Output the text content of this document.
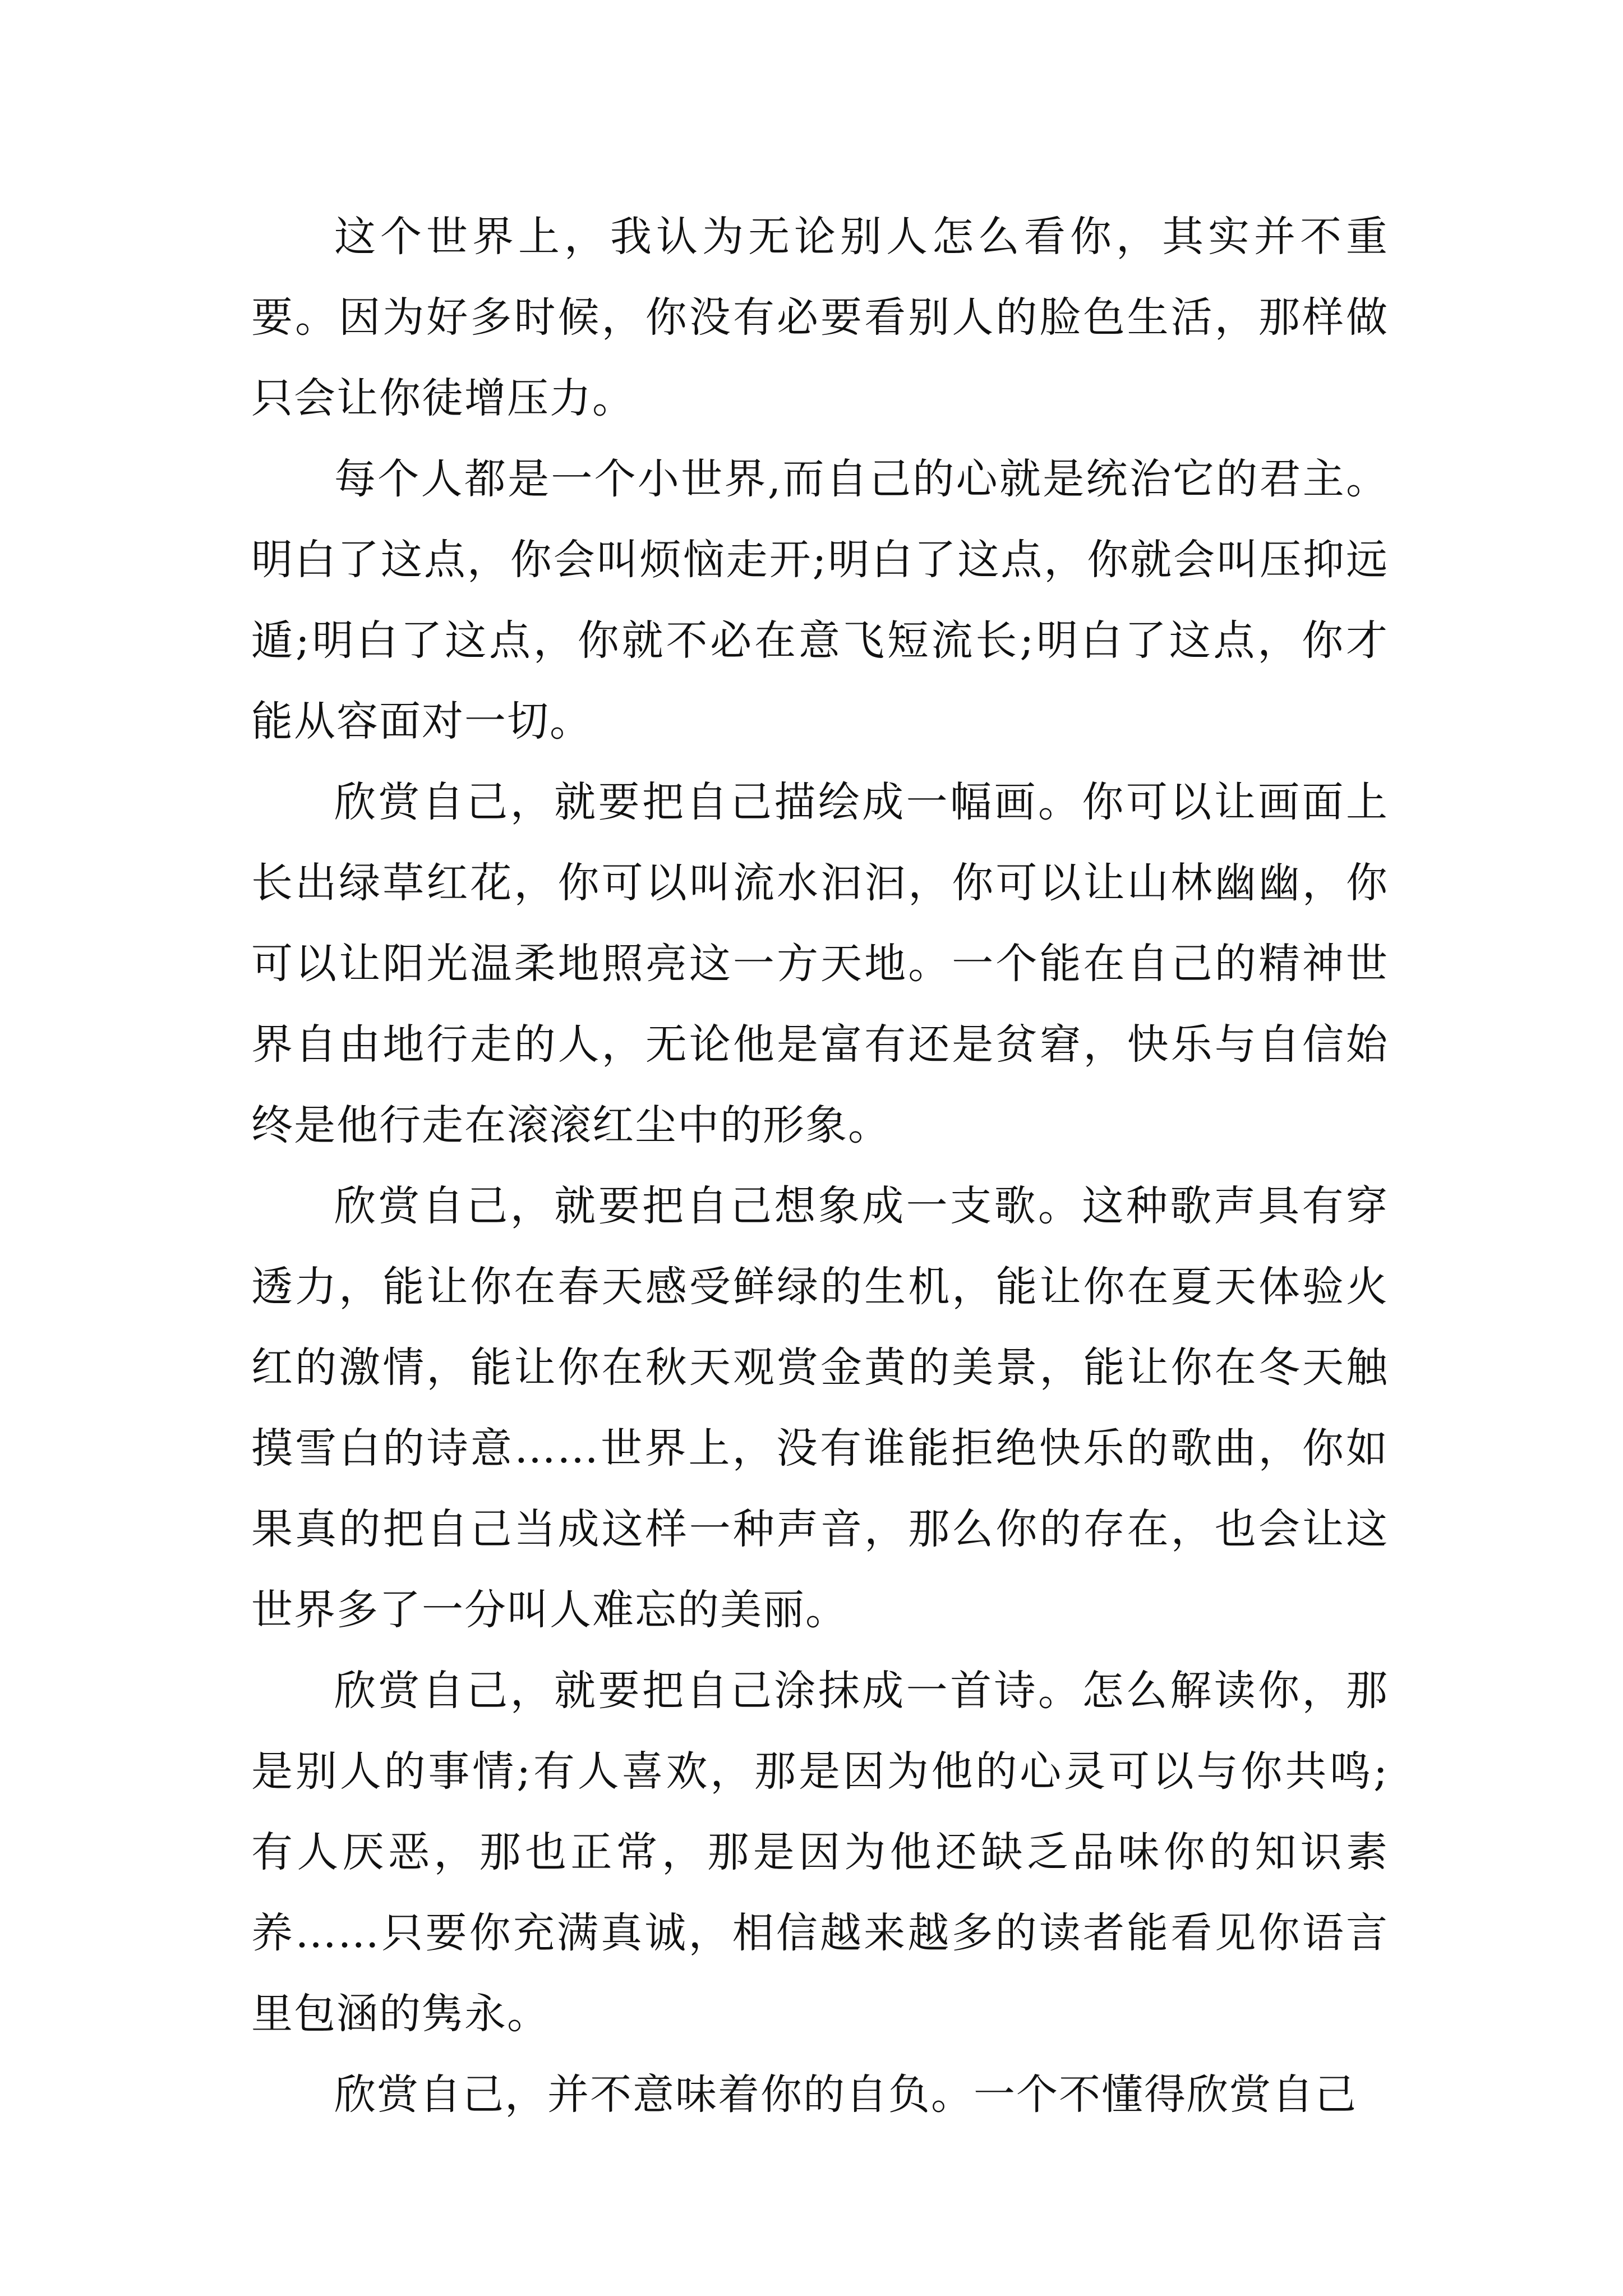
这个世界上，我认为无论别人怎么看你，其实并不重要。因为好多时候，你没有必要看别人的脸色生活，那样做只会让你徒增压力。

每个人都是一个小世界,而自己的心就是统治它的君主。明白了这点，你会叫烦恼走开;明白了这点，你就会叫压抑远遁;明白了这点，你就不必在意飞短流长;明白了这点，你才能从容面对一切。

欣赏自己，就要把自己描绘成一幅画。你可以让画面上长出绿草红花，你可以叫流水汩汩，你可以让山林幽幽，你可以让阳光温柔地照亮这一方天地。一个能在自己的精神世界自由地行走的人，无论他是富有还是贫窘，快乐与自信始终是他行走在滚滚红尘中的形象。

欣赏自己，就要把自己想象成一支歌。这种歌声具有穿透力，能让你在春天感受鲜绿的生机，能让你在夏天体验火红的激情，能让你在秋天观赏金黄的美景，能让你在冬天触摸雪白的诗意……世界上，没有谁能拒绝快乐的歌曲，你如果真的把自己当成这样一种声音，那么你的存在，也会让这世界多了一分叫人难忘的美丽。

欣赏自己，就要把自己涂抹成一首诗。怎么解读你，那是别人的事情;有人喜欢，那是因为他的心灵可以与你共鸣;有人厌恶，那也正常，那是因为他还缺乏品味你的知识素养……只要你充满真诚，相信越来越多的读者能看见你语言里包涵的隽永。

欣赏自己，并不意味着你的自负。一个不懂得欣赏自己
